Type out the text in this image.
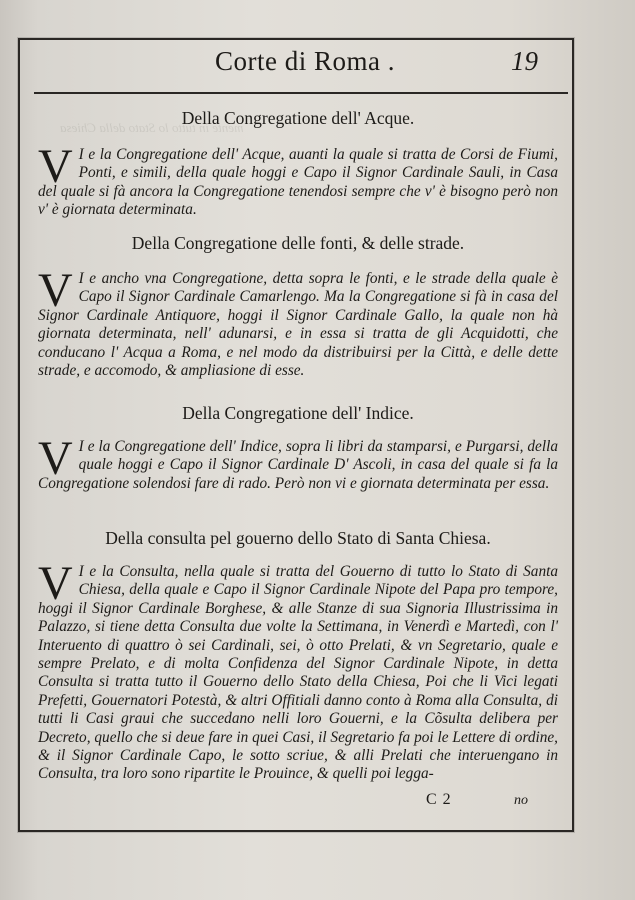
mente in tutto lo Stato della Chiesa
Corte di Roma .	19

Della Congregatione dell' Acque.

V I e la Congregatione dell' Acque, auanti la quale si tratta de Corsi de Fiumi, Ponti, e simili, della quale hoggi e Capo il Signor Cardinale Sauli, in Casa del quale si fà ancora la Congregatione tenendosi sempre che v' è bisogno però non v' è giornata determinata.

Della Congregatione delle fonti, & delle strade.

V I e ancho vna Congregatione, detta sopra le fonti, e le strade della quale è Capo il Signor Cardinale Camarlengo. Ma la Congregatione si fà in casa del Signor Cardinale Antiquore, hoggi il Signor Cardinale Gallo, la quale non hà giornata determinata, nell' adunarsi, e in essa si tratta de gli Acquidotti, che conducano l' Acqua a Roma, e nel modo da distribuirsi per la Città, e delle dette strade, e accomodo, & ampliasione di esse.

Della Congregatione dell' Indice.

V I e la Congregatione dell' Indice, sopra li libri da stamparsi, e Purgarsi, della quale hoggi e Capo il Signor Cardinale D' Ascoli, in casa del quale si fa la Congregatione solendosi fare di rado. Però non vi e giornata determinata per essa.

Della consulta pel gouerno dello Stato di Santa Chiesa.

V I e la Consulta, nella quale si tratta del Gouerno di tutto lo Stato di Santa Chiesa, della quale e Capo il Signor Cardinale Nipote del Papa pro tempore, hoggi il Signor Cardinale Borghese, & alle Stanze di sua Signoria Illustrissima in Palazzo, si tiene detta Consulta due volte la Settimana, in Venerdì e Martedì, con l' Interuento di quattro ò sei Cardinali, sei, ò otto Prelati, & vn Segretario, quale e sempre Prelato, e di molta Confidenza del Signor Cardinale Nipote, in detta Consulta si tratta tutto il Gouerno dello Stato della Chiesa, Poi che li Vici legati Prefetti, Gouernatori Potestà, & altri Offitiali danno conto à Roma alla Consulta, di tutti li Casi graui che succedano nelli loro Gouerni, e la Cõsulta delibera per Decreto, quello che si deue fare in quei Casi, il Segretario fa poi le Lettere di ordine, & il Signor Cardinale Capo, le sotto scriue, & alli Prelati che interuengano in Consulta, tra loro sono ripartite le Prouince, & quelli poi legga-

C 2	no
